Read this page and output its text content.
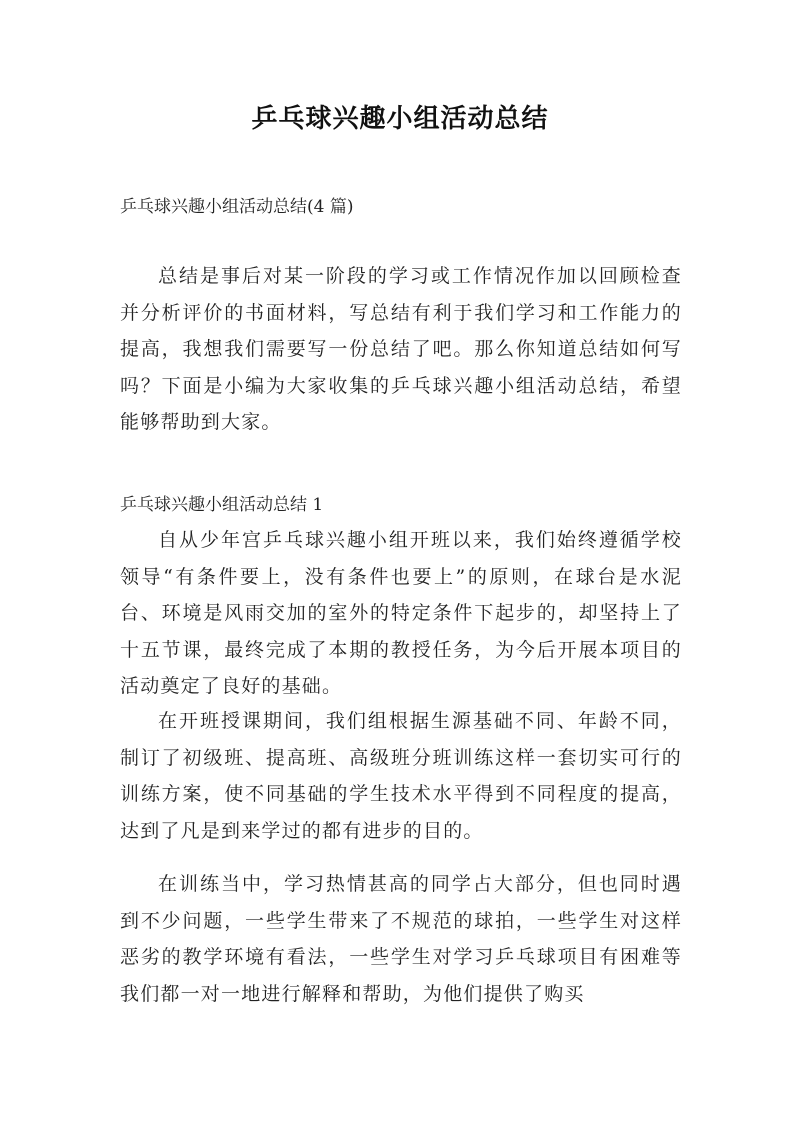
乒乓球兴趣小组活动总结

乒乓球兴趣小组活动总结(4 篇)

总结是事后对某一阶段的学习或工作情况作加以回顾检查并分析评价的书面材料，写总结有利于我们学习和工作能力的提高，我想我们需要写一份总结了吧。那么你知道总结如何写吗？下面是小编为大家收集的乒乓球兴趣小组活动总结，希望能够帮助到大家。

乒乓球兴趣小组活动总结 1

自从少年宫乒乓球兴趣小组开班以来，我们始终遵循学校领导“有条件要上，没有条件也要上”的原则，在球台是水泥台、环境是风雨交加的室外的特定条件下起步的，却坚持上了十五节课，最终完成了本期的教授任务，为今后开展本项目的活动奠定了良好的基础。

在开班授课期间，我们组根据生源基础不同、年龄不同，制订了初级班、提高班、高级班分班训练这样一套切实可行的训练方案，使不同基础的学生技术水平得到不同程度的提高，达到了凡是到来学过的都有进步的目的。

在训练当中，学习热情甚高的同学占大部分，但也同时遇到不少问题，一些学生带来了不规范的球拍，一些学生对这样恶劣的教学环境有看法，一些学生对学习乒乓球项目有困难等我们都一对一地进行解释和帮助，为他们提供了购买
